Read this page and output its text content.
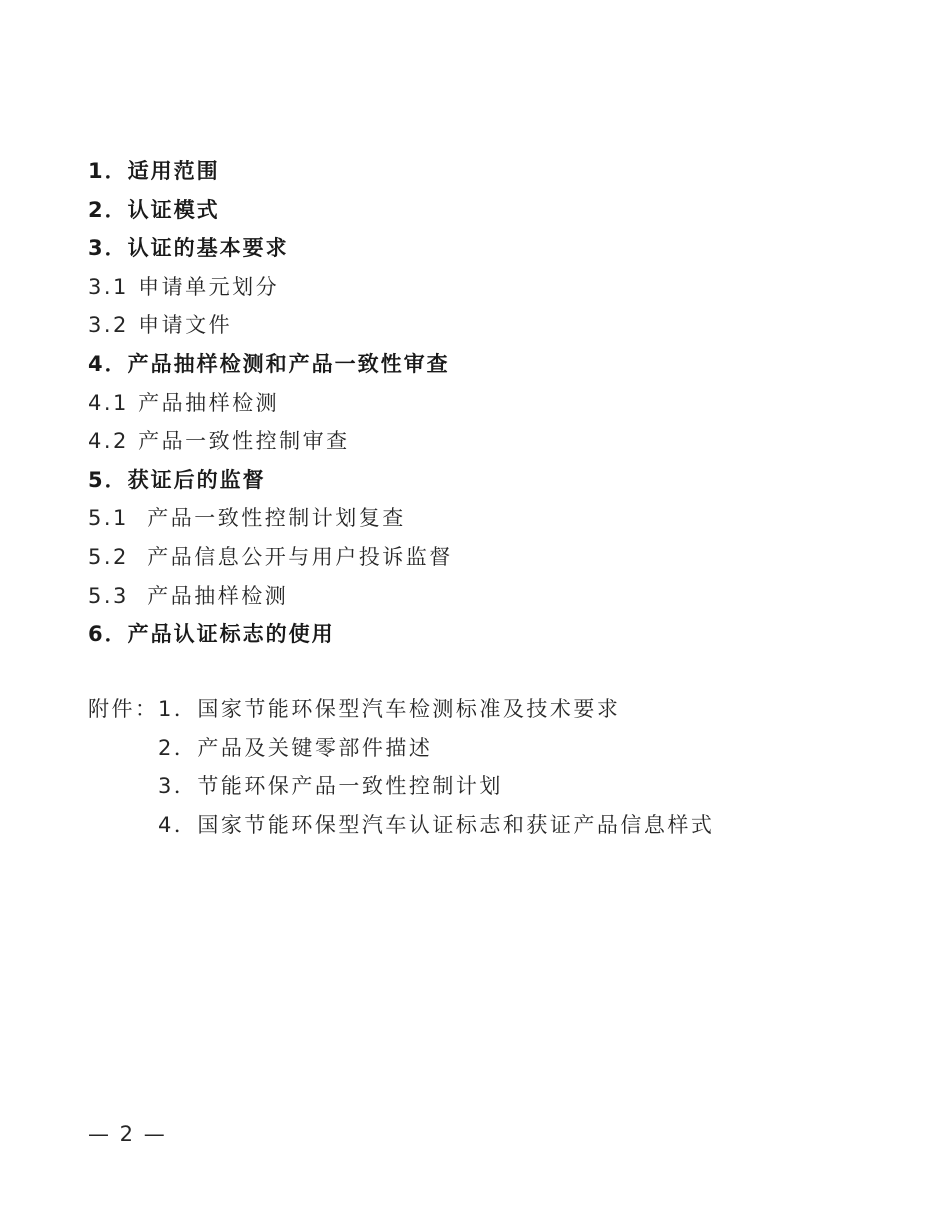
1．适用范围
2．认证模式
3．认证的基本要求
3.1 申请单元划分
3.2 申请文件
4．产品抽样检测和产品一致性审查
4.1 产品抽样检测
4.2 产品一致性控制审查
5．获证后的监督
5.1  产品一致性控制计划复查
5.2  产品信息公开与用户投诉监督
5.3  产品抽样检测
6．产品认证标志的使用
附件：1．国家节能环保型汽车检测标准及技术要求
2．产品及关键零部件描述
3．节能环保产品一致性控制计划
4．国家节能环保型汽车认证标志和获证产品信息样式
— 2 —
